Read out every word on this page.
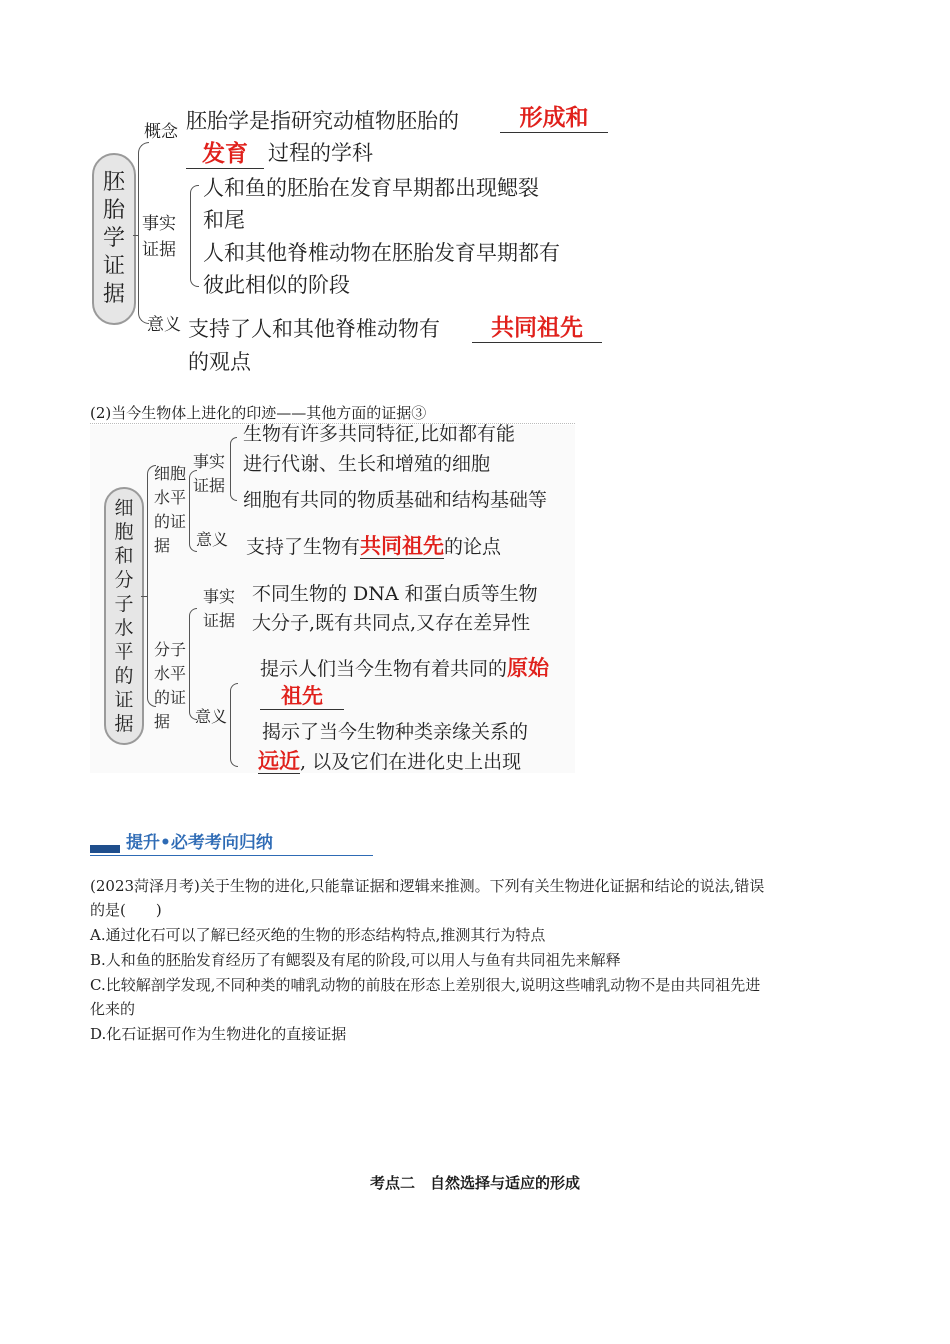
胚
胎
学
证
据
概念 胚胎学是指研究动植物胚胎的	形成和
发育 过程的学科
事实
证据
人和鱼的胚胎在发育早期都出现鳃裂
和尾
人和其他脊椎动物在胚胎发育早期都有
彼此相似的阶段
意义 支持了人和其他脊椎动物有	共同祖先
的观点
(2)当今生物体上进化的印迹——其他方面的证据③
细
胞
和
分
子
水
平
的
证
据
细胞
水平
的证
据
事实
证据
生物有许多共同特征,比如都有能
进行代谢、生长和增殖的细胞
细胞有共同的物质基础和结构基础等
意义 支持了生物有共同祖先的论点
分子
水平
的证
据
事实
证据
不同生物的 DNA 和蛋白质等生物
大分子,既有共同点,又存在差异性
意义
提示人们当今生物有着共同的原始
祖先
揭示了当今生物种类亲缘关系的
远近, 以及它们在进化史上出现
提升•必考考向归纳
(2023菏泽月考)关于生物的进化,只能靠证据和逻辑来推测。下列有关生物进化证据和结论的说法,错误
的是(　　)
A.通过化石可以了解已经灭绝的生物的形态结构特点,推测其行为特点
B.人和鱼的胚胎发育经历了有鳃裂及有尾的阶段,可以用人与鱼有共同祖先来解释
C.比较解剖学发现,不同种类的哺乳动物的前肢在形态上差别很大,说明这些哺乳动物不是由共同祖先进
化来的
D.化石证据可作为生物进化的直接证据
考点二　自然选择与适应的形成
